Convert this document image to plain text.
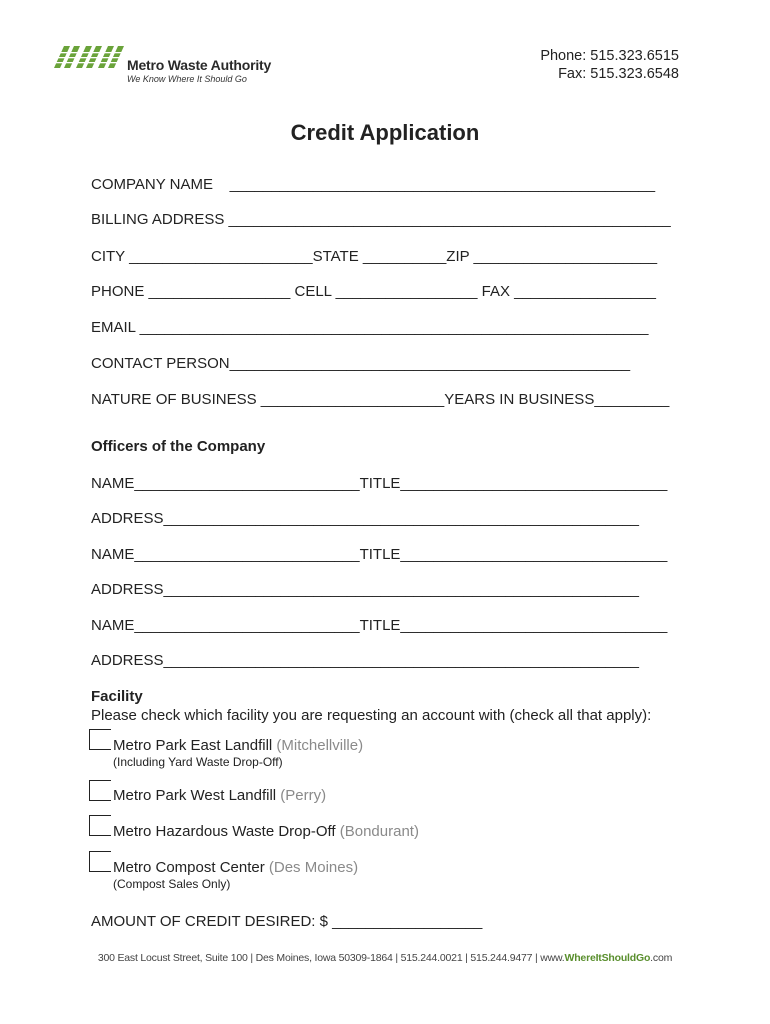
Metro Waste Authority
We Know Where It Should Go
Phone: 515.323.6515
Fax: 515.323.6548
Credit Application
COMPANY NAME    ___________________________________________________
BILLING ADDRESS _____________________________________________________
CITY ______________________STATE __________ZIP ______________________
PHONE _________________ CELL _________________ FAX _________________
EMAIL _____________________________________________________________
CONTACT PERSON________________________________________________
NATURE OF BUSINESS ______________________YEARS IN BUSINESS_________
Officers of the Company
NAME___________________________TITLE________________________________
ADDRESS_________________________________________________________
NAME___________________________TITLE________________________________
ADDRESS_________________________________________________________
NAME___________________________TITLE________________________________
ADDRESS_________________________________________________________
Facility
Please check which facility you are requesting an account with (check all that apply):
Metro Park East Landfill (Mitchellville)
(Including Yard Waste Drop-Off)
Metro Park West Landfill (Perry)
Metro Hazardous Waste Drop-Off (Bondurant)
Metro Compost Center (Des Moines)
(Compost Sales Only)
AMOUNT OF CREDIT DESIRED: $ __________________
300 East Locust Street, Suite 100 | Des Moines, Iowa 50309-1864 | 515.244.0021 | 515.244.9477 | www.WhereItShouldGo.com
